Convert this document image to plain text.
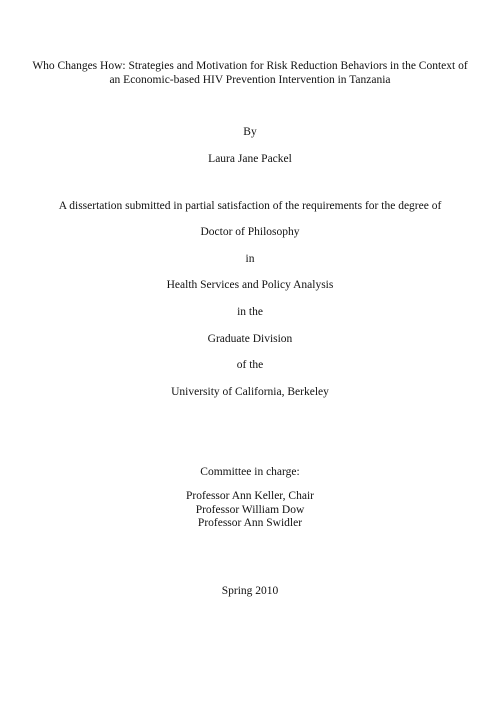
Who Changes How: Strategies and Motivation for Risk Reduction Behaviors in the Context of
an Economic-based HIV Prevention Intervention in Tanzania
By
Laura Jane Packel
A dissertation submitted in partial satisfaction of the requirements for the degree of
Doctor of Philosophy
in
Health Services and Policy Analysis
in the
Graduate Division
of the
University of California, Berkeley
Committee in charge:
Professor Ann Keller, Chair
Professor William Dow
Professor Ann Swidler
Spring 2010
